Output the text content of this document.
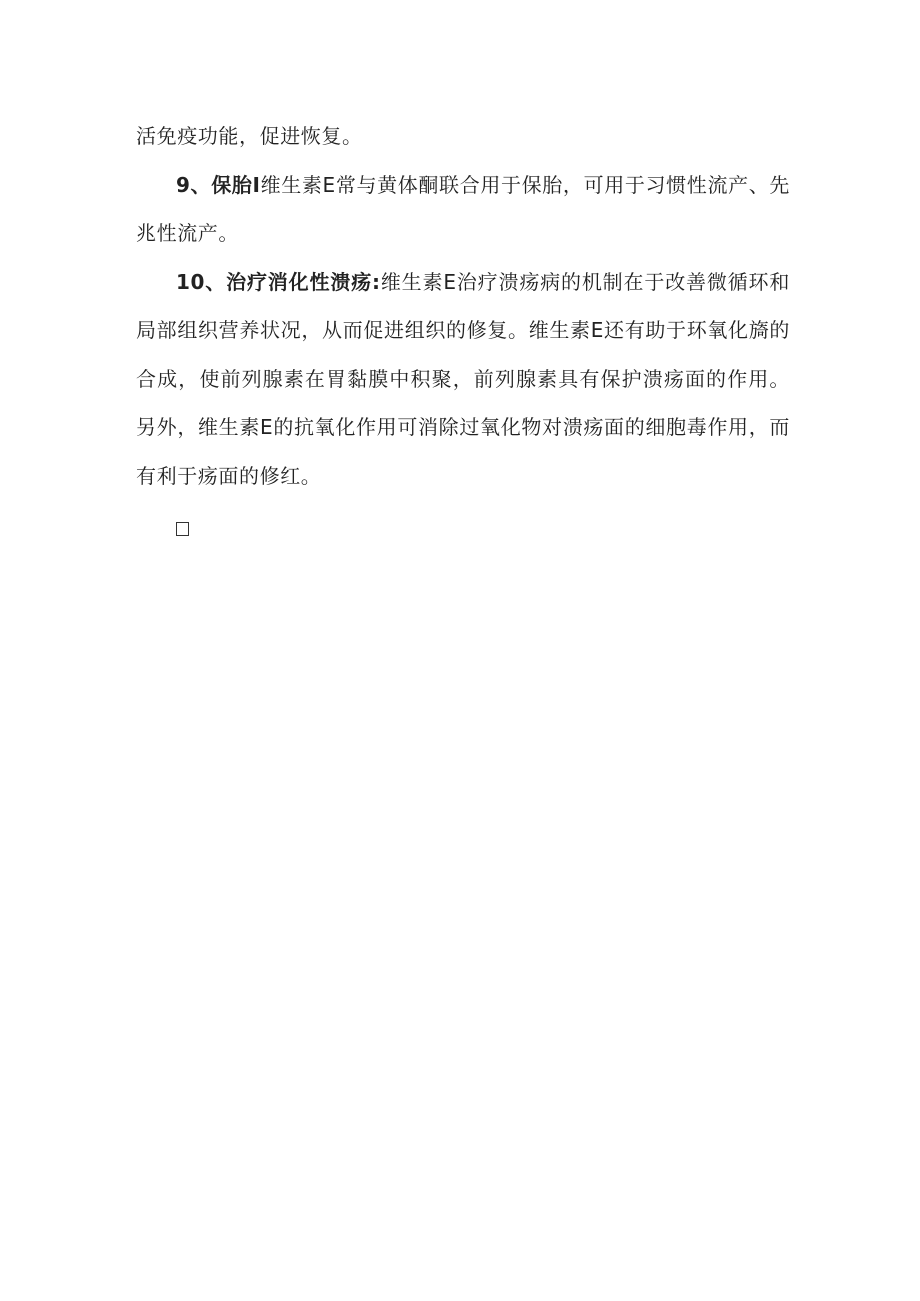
活免疫功能，促进恢复。

9、保胎I维生素E常与黄体酮联合用于保胎，可用于习惯性流产、先兆性流产。

10、治疗消化性溃疡:维生素E治疗溃疡病的机制在于改善微循环和局部组织营养状况，从而促进组织的修复。维生素E还有助于环氧化旖的合成，使前列腺素在胃黏膜中积聚，前列腺素具有保护溃疡面的作用。另外，维生素E的抗氧化作用可消除过氧化物对溃疡面的细胞毒作用，而有利于疡面的修红。
